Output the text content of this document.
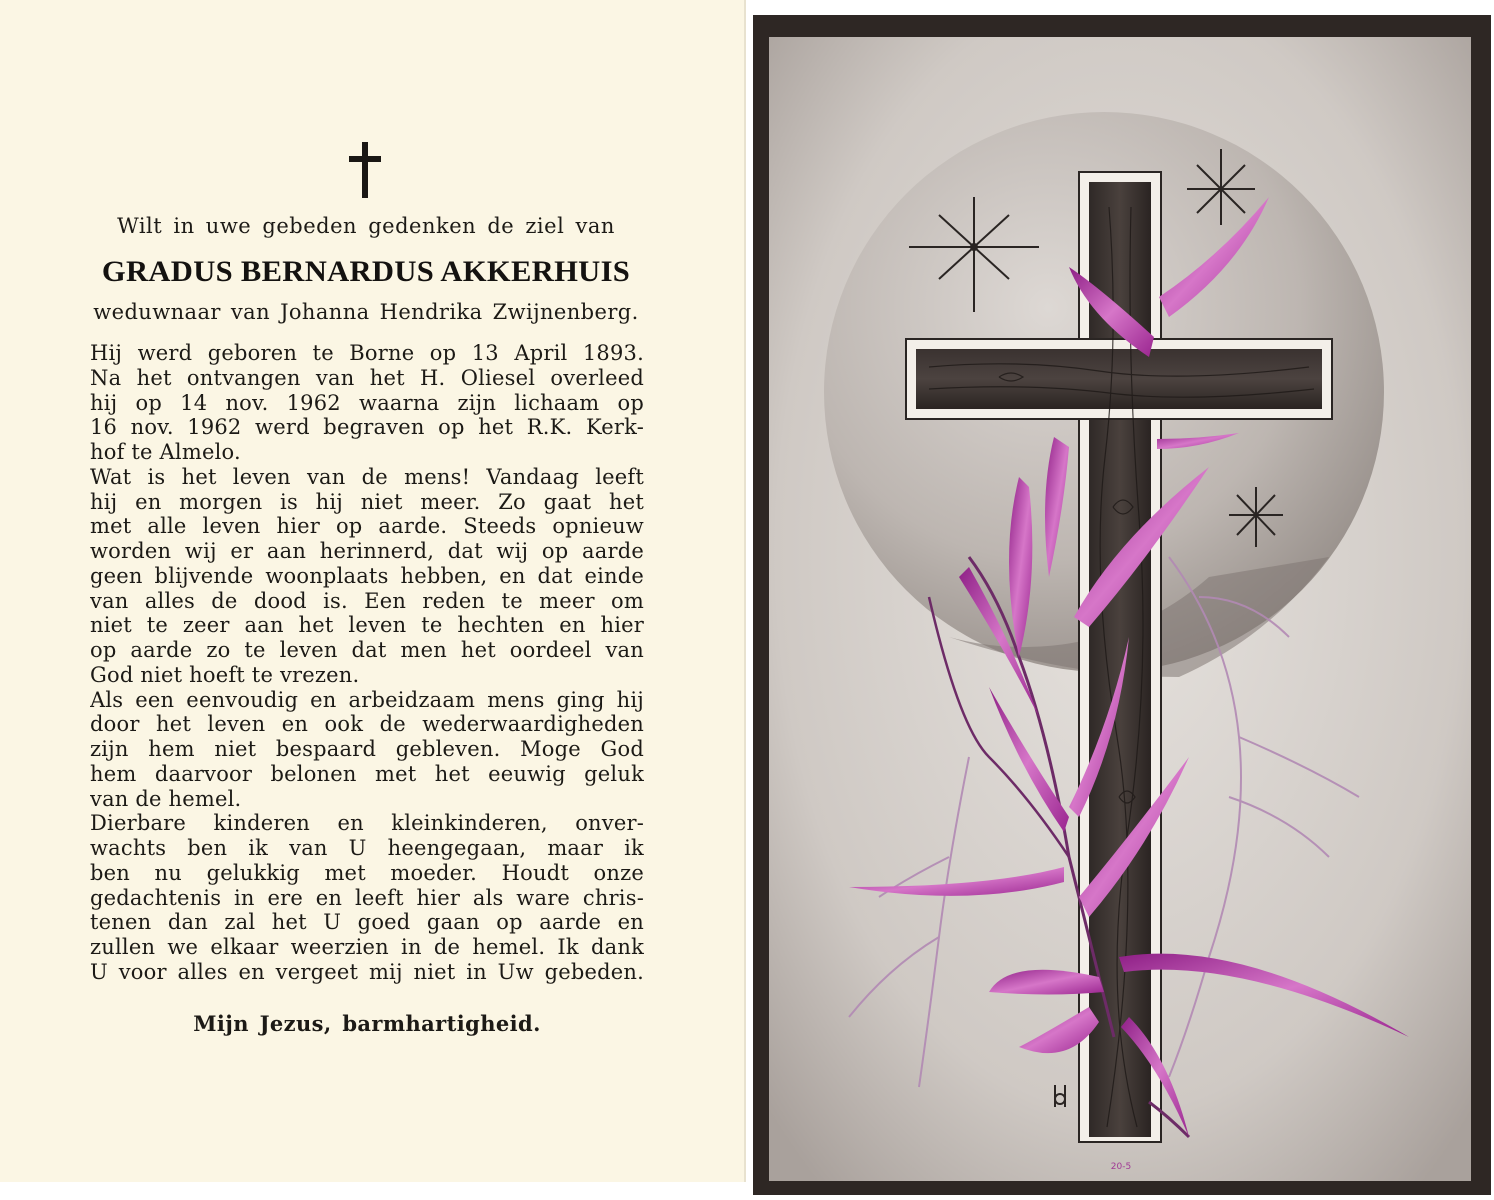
Wilt in uwe gebeden gedenken de ziel van
GRADUS BERNARDUS AKKERHUIS
weduwnaar van Johanna Hendrika Zwijnenberg.
Hij werd geboren te Borne op 13 April 1893.
Na het ontvangen van het H. Oliesel overleed
hij op 14 nov. 1962 waarna zijn lichaam op
16 nov. 1962 werd begraven op het R.K. Kerk-
hof te Almelo.
Wat is het leven van de mens! Vandaag leeft
hij en morgen is hij niet meer. Zo gaat het
met alle leven hier op aarde. Steeds opnieuw
worden wij er aan herinnerd, dat wij op aarde
geen blijvende woonplaats hebben, en dat einde
van alles de dood is. Een reden te meer om
niet te zeer aan het leven te hechten en hier
op aarde zo te leven dat men het oordeel van
God niet hoeft te vrezen.
Als een eenvoudig en arbeidzaam mens ging hij
door het leven en ook de wederwaardigheden
zijn hem niet bespaard gebleven. Moge God
hem daarvoor belonen met het eeuwig geluk
van de hemel.
Dierbare kinderen en kleinkinderen, onver-
wachts ben ik van U heengegaan, maar ik
ben nu gelukkig met moeder. Houdt onze
gedachtenis in ere en leeft hier als ware chris-
tenen dan zal het U goed gaan op aarde en
zullen we elkaar weerzien in de hemel. Ik dank
U voor alles en vergeet mij niet in Uw gebeden.
Mijn Jezus, barmhartigheid.
20-5
